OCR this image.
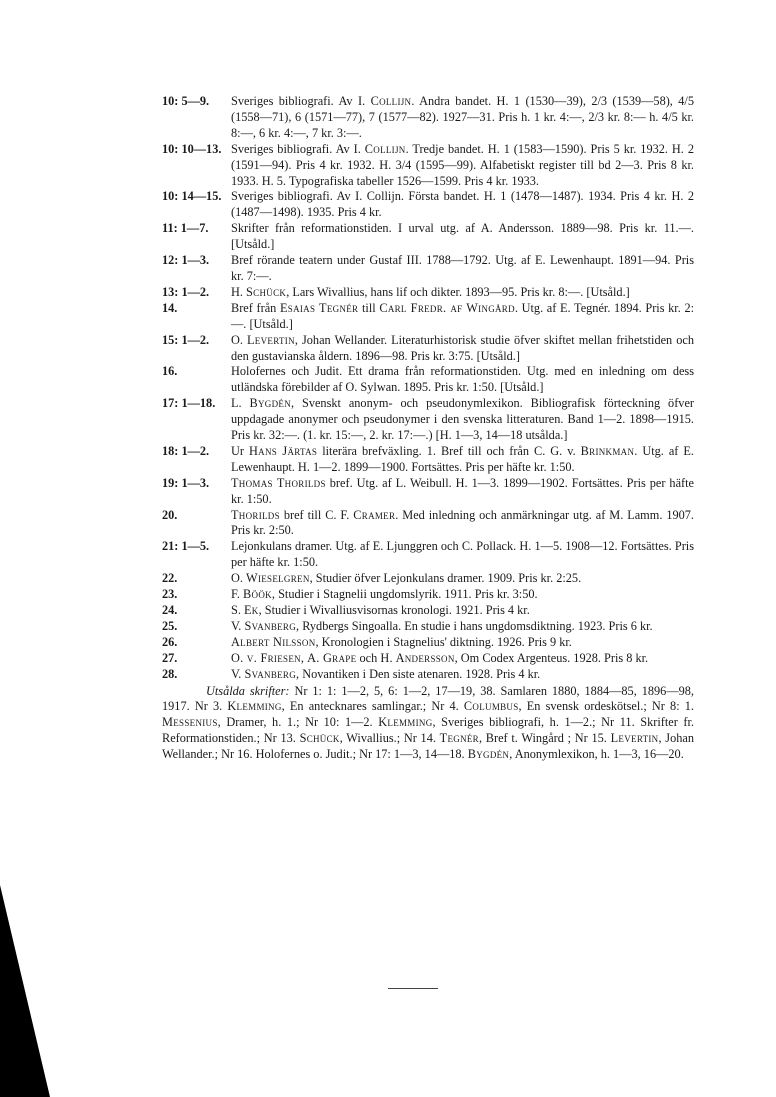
10: 5—9.	Sveriges bibliografi. Av I. Collijn. Andra bandet. H. 1 (1530—39), 2/3 (1539—58), 4/5 (1558—71), 6 (1571—77), 7 (1577—82). 1927—31. Pris h. 1 kr. 4:—, 2/3 kr. 8:— h. 4/5 kr. 8:—, 6 kr. 4:—, 7 kr. 3:—.
10: 10—13. Sveriges bibliografi. Av I. Collijn. Tredje bandet. H. 1 (1583—1590). Pris 5 kr. 1932. H. 2 (1591—94). Pris 4 kr. 1932. H. 3/4 (1595—99). Alfabetiskt register till bd 2—3. Pris 8 kr. 1933. H. 5. Typografiska tabeller 1526—1599. Pris 4 kr. 1933.
10: 14—15. Sveriges bibliografi. Av I. Collijn. Första bandet. H. 1 (1478—1487). 1934. Pris 4 kr. H. 2 (1487—1498). 1935. Pris 4 kr.
11: 1—7.	Skrifter från reformationstiden. I urval utg. af A. Andersson. 1889—98. Pris kr. 11.—. [Utsåld.]
12: 1—3.	Bref rörande teatern under Gustaf III. 1788—1792. Utg. af E. Lewenhaupt. 1891—94. Pris kr. 7:—.
13: 1—2.	H. Schück, Lars Wivallius, hans lif och dikter. 1893—95. Pris kr. 8:—. [Utsåld.]
14.	Bref från Esaias Tegnér till Carl Fredr. af Wingård. Utg. af E. Tegnér. 1894. Pris kr. 2:—. [Utsåld.]
15: 1—2.	O. Levertin, Johan Wellander. Literaturhistorisk studie öfver skiftet mellan frihetstiden och den gustavianska åldern. 1896—98. Pris kr. 3:75. [Utsåld.]
16.	Holofernes och Judit. Ett drama från reformationstiden. Utg. med en inledning om dess utländska förebilder af O. Sylwan. 1895. Pris kr. 1:50. [Utsåld.]
17: 1—18.	L. Bygdén, Svenskt anonym- och pseudonymlexikon. Bibliografisk förteckning öfver uppdagade anonymer och pseudonymer i den svenska litteraturen. Band 1—2. 1898—1915. Pris kr. 32:—. (1. kr. 15:—, 2. kr. 17:—.) [H. 1—3, 14—18 utsålda.]
18: 1—2.	Ur Hans Järtas literära brefväxling. 1. Bref till och från C. G. v. Brinkman. Utg. af E. Lewenhaupt. H. 1—2. 1899—1900. Fortsättes. Pris per häfte kr. 1:50.
19: 1—3.	Thomas Thorilds bref. Utg. af L. Weibull. H. 1—3. 1899—1902. Fortsättes. Pris per häfte kr. 1:50.
20.	Thorilds bref till C. F. Cramer. Med inledning och anmärkningar utg. af M. Lamm. 1907. Pris kr. 2:50.
21: 1—5.	Lejonkulans dramer. Utg. af E. Ljunggren och C. Pollack. H. 1—5. 1908—12. Fortsättes. Pris per häfte kr. 1:50.
22.	O. Wieselgren, Studier öfver Lejonkulans dramer. 1909. Pris kr. 2:25.
23.	F. Böök, Studier i Stagnelii ungdomslyrik. 1911. Pris kr. 3:50.
24.	S. Ek, Studier i Wivalliusvisornas kronologi. 1921. Pris 4 kr.
25.	V. Svanberg, Rydbergs Singoalla. En studie i hans ungdomsdiktning. 1923. Pris 6 kr.
26.	Albert Nilsson, Kronologien i Stagnelius' diktning. 1926. Pris 9 kr.
27.	O. v. Friesen, A. Grape och H. Andersson, Om Codex Argenteus. 1928. Pris 8 kr.
28.	V. Svanberg, Novantiken i Den siste atenaren. 1928. Pris 4 kr.
Utsålda skrifter: Nr 1: 1: 1—2, 5, 6: 1—2, 17—19, 38. Samlaren 1880, 1884—85, 1896—98, 1917. Nr 3. Klemming, En antecknares samlingar.; Nr 4. Columbus, En svensk ordeskötsel.; Nr 8: 1. Messenius, Dramer, h. 1.; Nr 10: 1—2. Klemming, Sveriges bibliografi, h. 1—2.; Nr 11. Skrifter fr. Reformationstiden.; Nr 13. Schück, Wivallius.; Nr 14. Tegnér, Bref t. Wingård ; Nr 15. Levertin, Johan Wellander.; Nr 16. Holofernes o. Judit.; Nr 17: 1—3, 14—18. Bygdén, Anonymlexikon, h. 1—3, 16—20.
